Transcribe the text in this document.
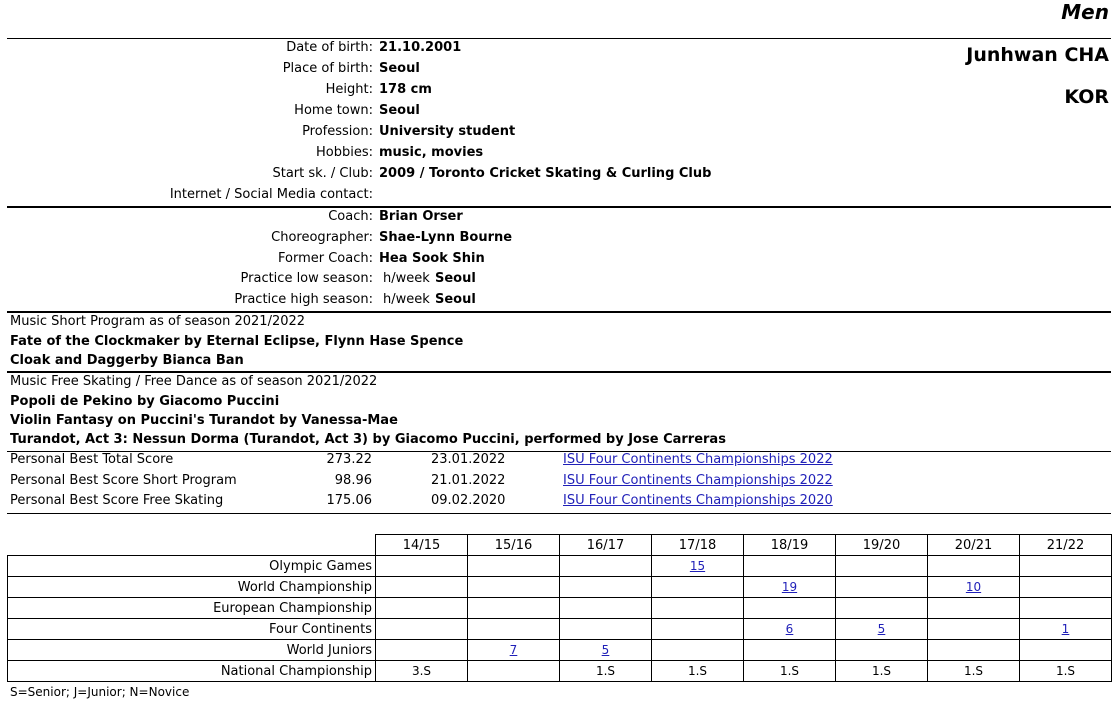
Men
Junhwan CHA
KOR
Date of birth: 21.10.2001
Place of birth: Seoul
Height: 178 cm
Home town: Seoul
Profession: University student
Hobbies: music, movies
Start sk. / Club: 2009 / Toronto Cricket Skating & Curling Club
Internet / Social Media contact:
Coach: Brian Orser
Choreographer: Shae-Lynn Bourne
Former Coach: Hea Sook Shin
Practice low season: h/week Seoul
Practice high season: h/week Seoul
Music Short Program as of season 2021/2022
Fate of the Clockmaker by Eternal Eclipse, Flynn Hase Spence
Cloak and Daggerby Bianca Ban
Music Free Skating / Free Dance as of season 2021/2022
Popoli de Pekino by Giacomo Puccini
Violin Fantasy on Puccini's Turandot by Vanessa-Mae
Turandot, Act 3: Nessun Dorma (Turandot, Act 3) by Giacomo Puccini, performed by Jose Carreras
Personal Best Total Score	273.22	23.01.2022	ISU Four Continents Championships 2022
Personal Best Score Short Program	98.96	21.01.2022	ISU Four Continents Championships 2022
Personal Best Score Free Skating	175.06	09.02.2020	ISU Four Continents Championships 2020
	14/15	15/16	16/17	17/18	18/19	19/20	20/21	21/22
Olympic Games				15				
World Championship					19		10	
European Championship								
Four Continents					6	5		1
World Juniors		7	5					
National Championship	3.S		1.S	1.S	1.S	1.S	1.S	1.S
S=Senior; J=Junior; N=Novice
